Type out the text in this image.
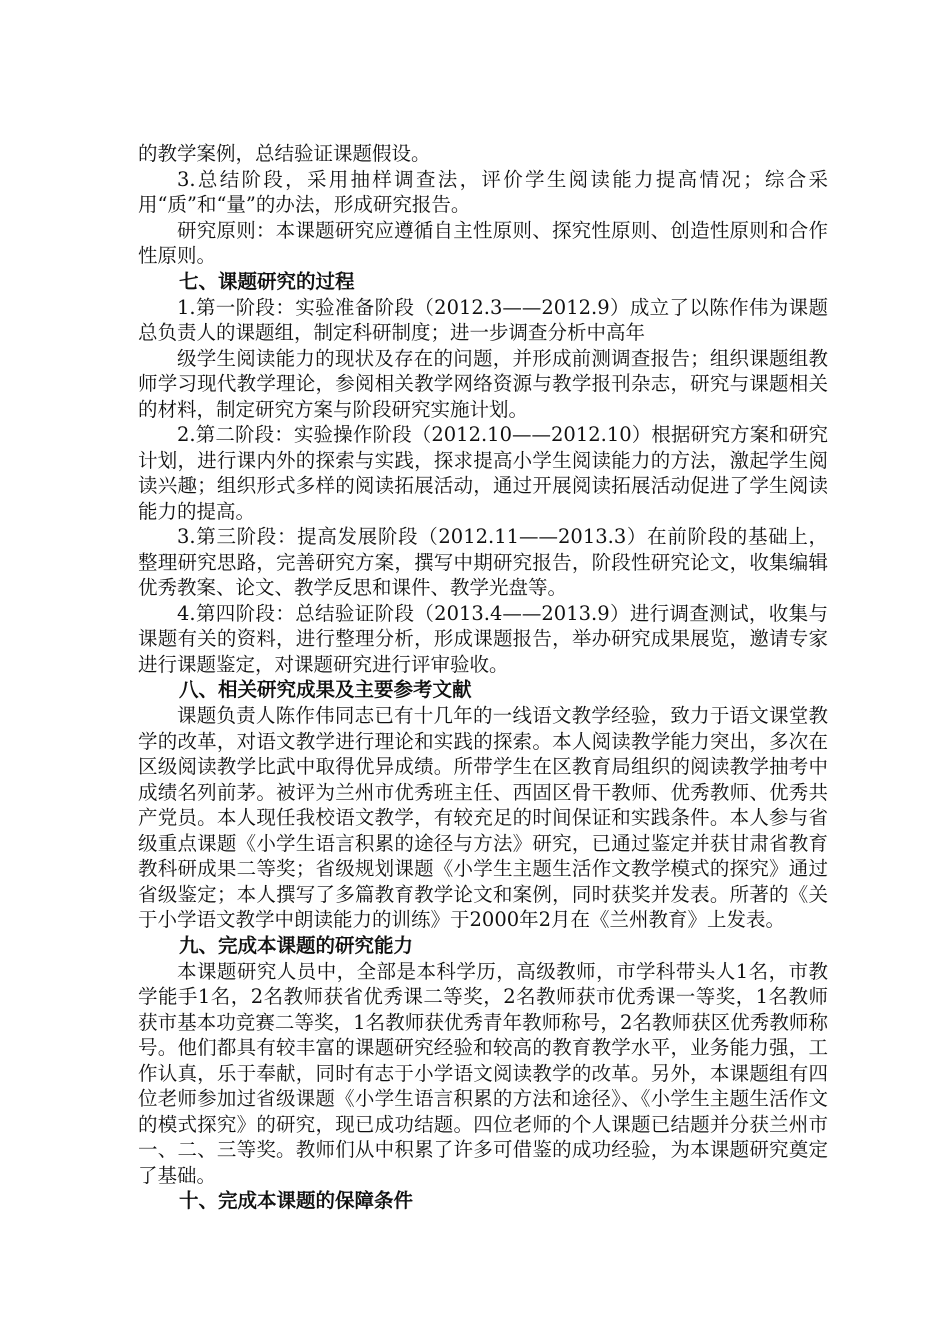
的教学案例，总结验证课题假设。

3.总结阶段，采用抽样调查法，评价学生阅读能力提高情况；综合采用“质”和“量”的办法，形成研究报告。

研究原则：本课题研究应遵循自主性原则、探究性原则、创造性原则和合作性原则。

七、课题研究的过程

1.第一阶段：实验准备阶段（2012.3——2012.9）成立了以陈作伟为课题总负责人的课题组，制定科研制度；进一步调查分析中高年

级学生阅读能力的现状及存在的问题，并形成前测调查报告；组织课题组教师学习现代教学理论，参阅相关教学网络资源与教学报刊杂志，研究与课题相关的材料，制定研究方案与阶段研究实施计划。

2.第二阶段：实验操作阶段（2012.10——2012.10）根据研究方案和研究计划，进行课内外的探索与实践，探求提高小学生阅读能力的方法，激起学生阅读兴趣；组织形式多样的阅读拓展活动，通过开展阅读拓展活动促进了学生阅读能力的提高。

3.第三阶段：提高发展阶段（2012.11——2013.3）在前阶段的基础上，整理研究思路，完善研究方案，撰写中期研究报告，阶段性研究论文，收集编辑优秀教案、论文、教学反思和课件、教学光盘等。

4.第四阶段：总结验证阶段（2013.4——2013.9）进行调查测试，收集与课题有关的资料，进行整理分析，形成课题报告，举办研究成果展览，邀请专家进行课题鉴定，对课题研究进行评审验收。

八、相关研究成果及主要参考文献

课题负责人陈作伟同志已有十几年的一线语文教学经验，致力于语文课堂教学的改革，对语文教学进行理论和实践的探索。本人阅读教学能力突出，多次在区级阅读教学比武中取得优异成绩。所带学生在区教育局组织的阅读教学抽考中成绩名列前茅。被评为兰州市优秀班主任、西固区骨干教师、优秀教师、优秀共产党员。本人现任我校语文教学，有较充足的时间保证和实践条件。本人参与省级重点课题《小学生语言积累的途径与方法》研究，已通过鉴定并获甘肃省教育教科研成果二等奖；省级规划课题《小学生主题生活作文教学模式的探究》通过省级鉴定；本人撰写了多篇教育教学论文和案例，同时获奖并发表。所著的《关于小学语文教学中朗读能力的训练》于2000年2月在《兰州教育》上发表。

九、完成本课题的研究能力

本课题研究人员中，全部是本科学历，高级教师，市学科带头人1名，市教学能手1名，2名教师获省优秀课二等奖，2名教师获市优秀课一等奖，1名教师获市基本功竞赛二等奖，1名教师获优秀青年教师称号，2名教师获区优秀教师称号。他们都具有较丰富的课题研究经验和较高的教育教学水平，业务能力强，工作认真，乐于奉献，同时有志于小学语文阅读教学的改革。另外，本课题组有四位老师参加过省级课题《小学生语言积累的方法和途径》、《小学生主题生活作文的模式探究》的研究，现已成功结题。四位老师的个人课题已结题并分获兰州市一、二、三等奖。教师们从中积累了许多可借鉴的成功经验，为本课题研究奠定了基础。

十、完成本课题的保障条件
